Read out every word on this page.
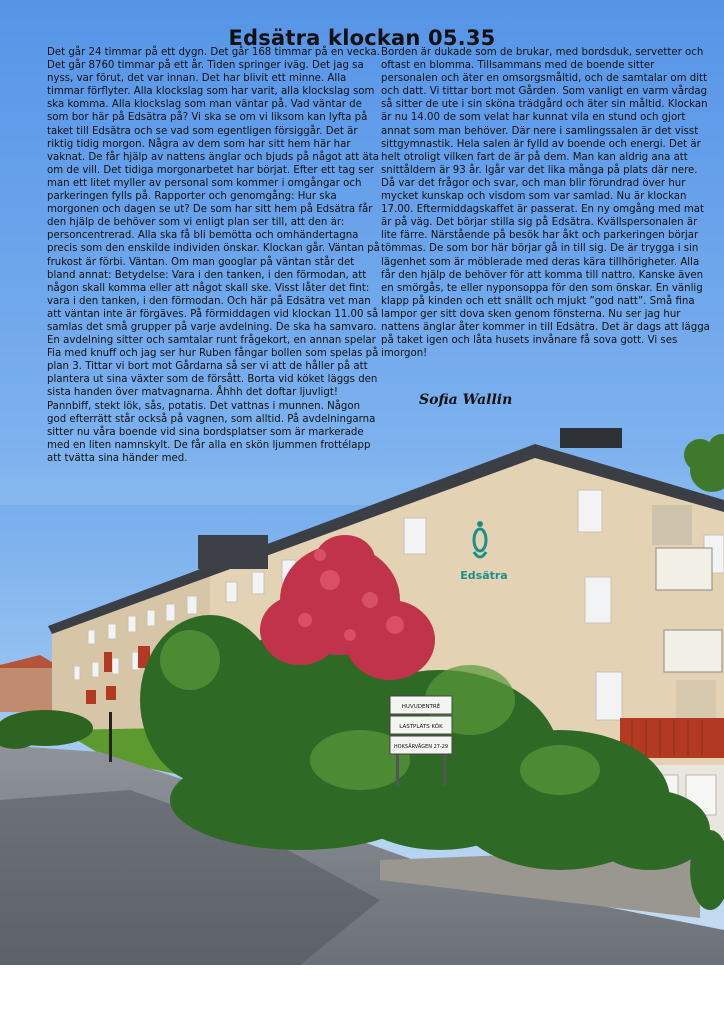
Edsätra
HUVUDENTRÉ
LASTPLATS KÖK
HOKSÄRVÄGEN 27-29
Edsätra klockan 05.35

Det går 24 timmar på ett dygn. Det går 168 timmar på en vecka. Det går 8760 timmar på ett år. Tiden springer iväg. Det jag sa nyss, var förut, det var innan. Det har blivit ett minne. Alla timmar förflyter. Alla klockslag som har varit, alla klockslag som ska komma. Alla klockslag som man väntar på. Vad väntar de som bor här på Edsätra på? Vi ska se om vi liksom kan lyfta på taket till Edsätra och se vad som egentligen försiggår. Det är riktig tidig morgon. Några av dem som har sitt hem här har vaknat. De får hjälp av nattens änglar och bjuds på något att äta om de vill. Det tidiga morgonarbetet har börjat. Efter ett tag ser man ett litet myller av personal som kommer i omgångar och parkeringen fylls på. Rapporter och genomgång: Hur ska morgonen och dagen se ut? De som har sitt hem på Edsätra får den hjälp de behöver som vi enligt plan ser till, att den är: personcentrerad. Alla ska få bli bemötta och omhändertagna precis som den enskilde individen önskar. Klockan går. Väntan på frukost är förbi. Väntan. Om man googlar på väntan står det bland annat: Betydelse: Vara i den tanken, i den förmodan, att någon skall komma eller att något skall ske. Visst låter det fint: vara i den tanken, i den förmodan. Och här på Edsätra vet man att väntan inte är förgäves. På förmiddagen vid klockan 11.00 så samlas det små grupper på varje avdelning. De ska ha samvaro. En avdelning sitter och samtalar runt frågekort, en annan spelar Fia med knuff och jag ser hur Ruben fångar bollen som spelas på plan 3. Tittar vi bort mot Gårdarna så ser vi att de håller på att plantera ut sina växter som de försått. Borta vid köket läggs den sista handen över matvagnarna. Åhhh det doftar ljuvligt! Pannbiff, stekt lök, sås, potatis. Det vattnas i munnen. Någon god efterrätt står också på vagnen, som alltid. På avdelningarna sitter nu våra boende vid sina bordsplatser som är markerade med en liten namnskylt. De får alla en skön ljummen frottélapp att tvätta sina händer med.

Borden är dukade som de brukar, med bordsduk, servetter och oftast en blomma. Tillsammans med de boende sitter personalen och äter en omsorgsmåltid, och de samtalar om ditt och datt. Vi tittar bort mot Gården. Som vanligt en varm vårdag så sitter de ute i sin sköna trädgård och äter sin måltid. Klockan är nu 14.00 de som velat har kunnat vila en stund och gjort annat som man behöver. Där nere i samlingssalen är det visst sittgymnastik. Hela salen är fylld av boende och energi. Det är helt otroligt vilken fart de är på dem. Man kan aldrig ana att snittåldern är 93 år. Igår var det lika många på plats där nere. Då var det frågor och svar, och man blir förundrad över hur mycket kunskap och visdom som var samlad. Nu är klockan 17.00. Eftermiddagskaffet är passerat. En ny omgång med mat är på väg. Det börjar stilla sig på Edsätra. Kvällspersonalen är lite färre. Närstående på besök har åkt och parkeringen börjar tömmas. De som bor här börjar gå in till sig. De är trygga i sin lägenhet som är möblerade med deras kära tillhörigheter. Alla får den hjälp de behöver för att komma till nattro. Kanske även en smörgås, te eller nyponsoppa för den som önskar. En vänlig klapp på kinden och ett snällt och mjukt ”god natt”. Små fina lampor ger sitt dova sken genom fönsterna. Nu ser jag hur nattens änglar åter kommer in till Edsätra. Det är dags att lägga på taket igen och låta husets invånare få sova gott. Vi ses imorgon!

Sofia Wallin
